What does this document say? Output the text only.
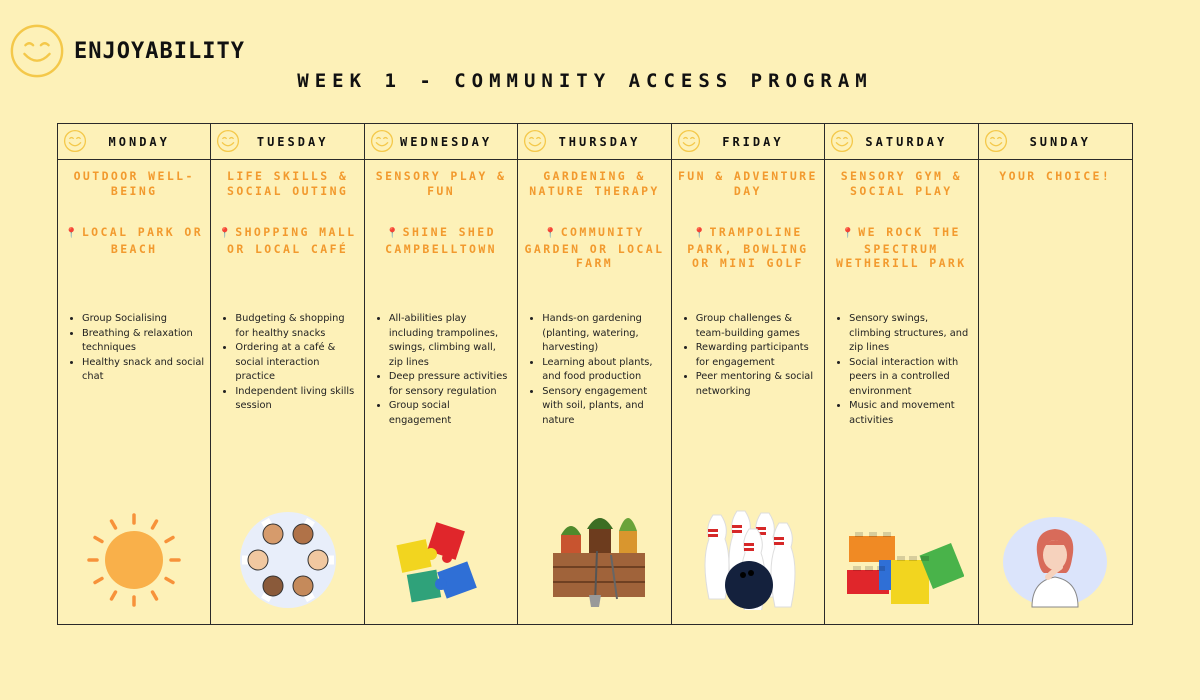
ENJOYABILITY
WEEK 1 - COMMUNITY ACCESS PROGRAM
MONDAY
OUTDOOR WELL-BEING
📍 LOCAL PARK OR BEACH
• Group Socialising
• Breathing & relaxation techniques
• Healthy snack and social chat
TUESDAY
LIFE SKILLS & SOCIAL OUTING
📍 SHOPPING MALL OR LOCAL CAFÉ
• Budgeting & shopping for healthy snacks
• Ordering at a café & social interaction practice
• Independent living skills session
WEDNESDAY
SENSORY PLAY & FUN
📍 SHINE SHED CAMPBELLTOWN
• All-abilities play including trampolines, swings, climbing wall, zip lines
• Deep pressure activities for sensory regulation
• Group social engagement
THURSDAY
GARDENING & NATURE THERAPY
📍 COMMUNITY GARDEN OR LOCAL FARM
• Hands-on gardening (planting, watering, harvesting)
• Learning about plants, and food production
• Sensory engagement with soil, plants, and nature
FRIDAY
FUN & ADVENTURE DAY
📍 TRAMPOLINE PARK, BOWLING OR MINI GOLF
• Group challenges & team-building games
• Rewarding participants for engagement
• Peer mentoring & social networking
SATURDAY
SENSORY GYM & SOCIAL PLAY
📍 WE ROCK THE SPECTRUM WETHERILL PARK
• Sensory swings, climbing structures, and zip lines
• Social interaction with peers in a controlled environment
• Music and movement activities
SUNDAY
YOUR CHOICE!
